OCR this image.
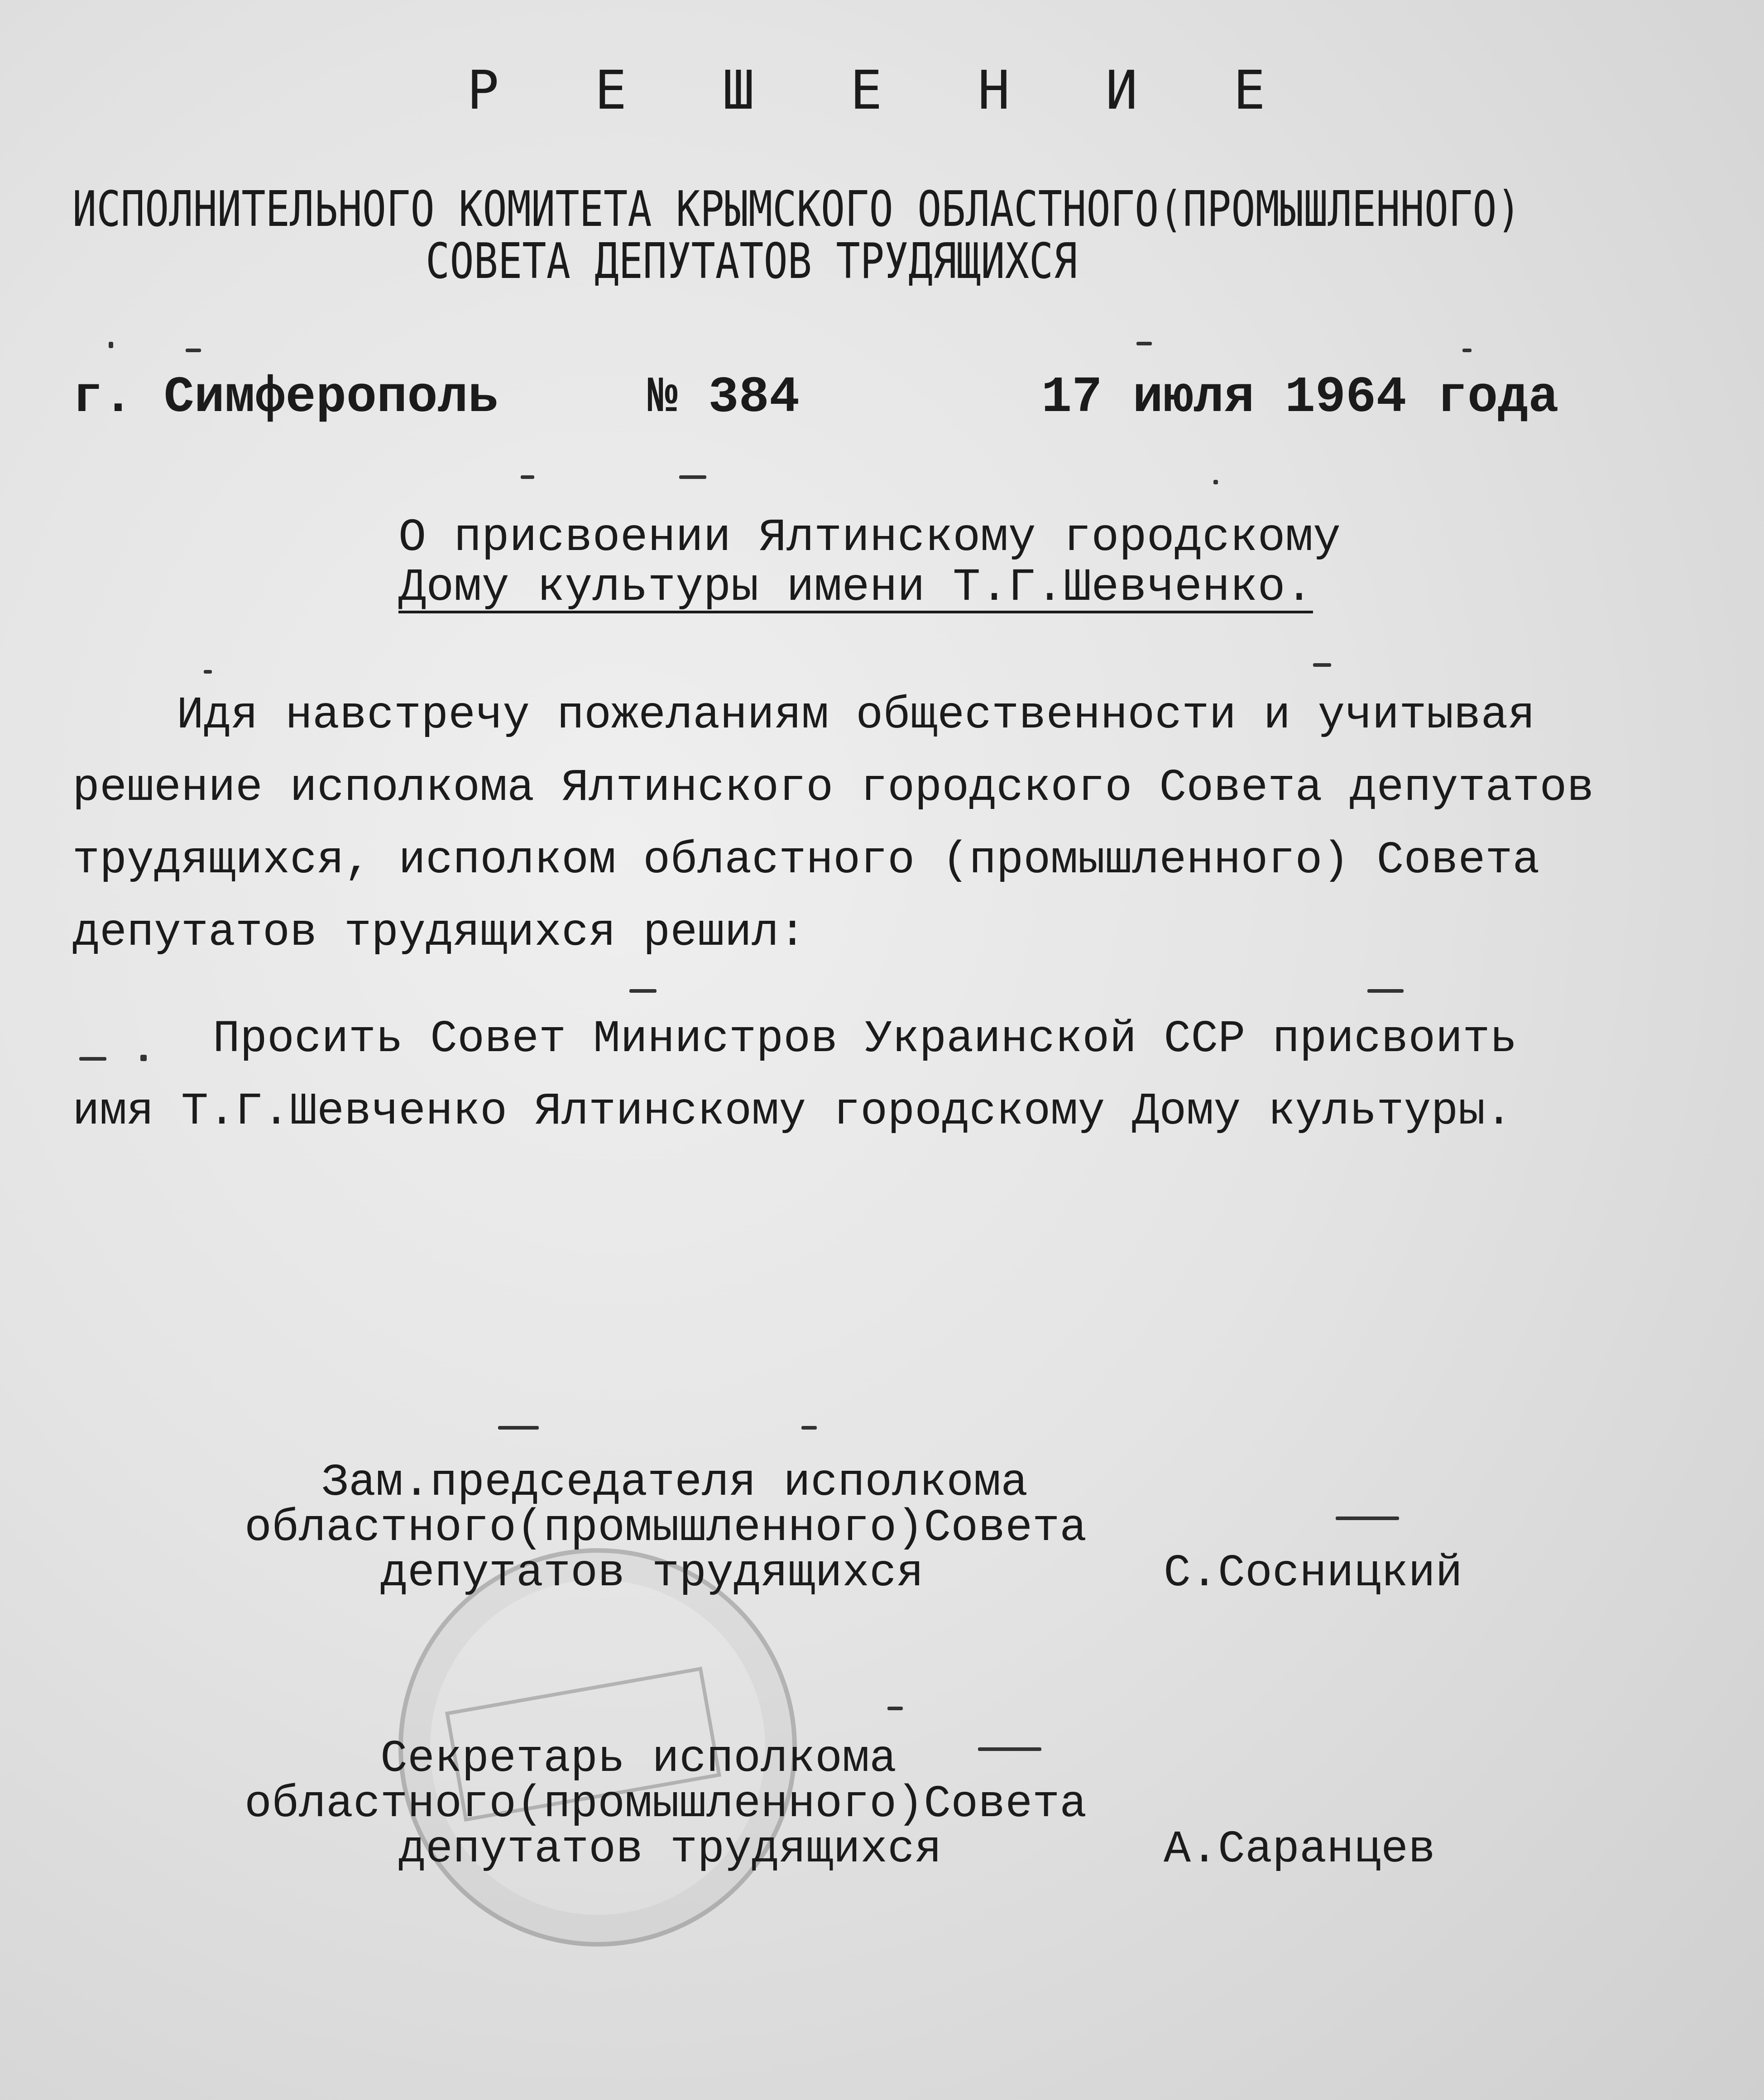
Р Е Ш Е Н И Е
ИСПОЛНИТЕЛЬНОГО КОМИТЕТА КРЫМСКОГО ОБЛАСТНОГО(ПРОМЫШЛЕННОГО)
СОВЕТА ДЕПУТАТОВ ТРУДЯЩИХСЯ
г. Симферополь	№ 384	17 июля 1964 года
О присвоении Ялтинскому городскому
Дому культуры имени Т.Г.Шевченко.
Идя навстречу пожеланиям общественности и учитывая
решение исполкома Ялтинского городского Совета депутатов
трудящихся, исполком областного (промышленного) Совета
депутатов трудящихся решил:
Просить Совет Министров Украинской ССР присвоить
имя Т.Г.Шевченко Ялтинскому городскому Дому культуры.
Зам.председателя исполкома
областного(промышленного)Совета
депутатов трудящихся	С.Сосницкий
Секретарь исполкома
областного(промышленного)Совета
депутатов трудящихся	А.Саранцев
